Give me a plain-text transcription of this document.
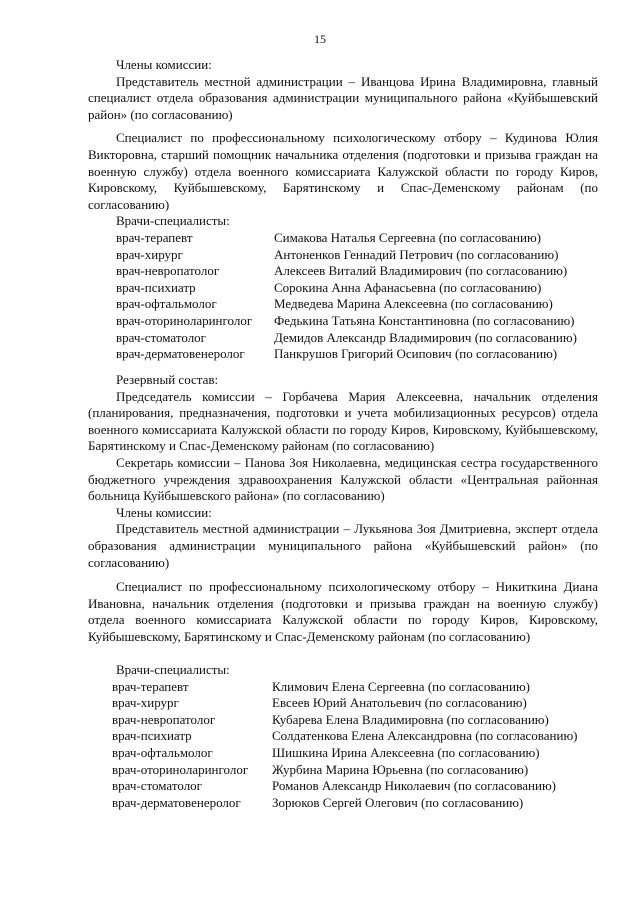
15
Члены комиссии:

Представитель местной администрации – Иванцова Ирина Владимировна, главный специалист отдела образования администрации муниципального района «Куйбышевский район» (по согласованию)

Специалист по профессиональному психологическому отбору – Кудинова Юлия Викторовна, старший помощник начальника отделения (подготовки и призыва граждан на военную службу) отдела военного комиссариата Калужской области по городу Киров, Кировскому, Куйбышевскому, Барятинскому и Спас-Деменскому районам (по согласованию)

Врачи-специалисты:
врач-терапевт	Симакова Наталья Сергеевна (по согласованию)
врач-хирург	Антоненков Геннадий Петрович (по согласованию)
врач-невропатолог	Алексеев Виталий Владимирович (по согласованию)
врач-психиатр	Сорокина Анна Афанасьевна (по согласованию)
врач-офтальмолог	Медведева Марина Алексеевна (по согласованию)
врач-оториноларинголог	Федькина Татьяна Константиновна (по согласованию)
врач-стоматолог	Демидов Александр Владимирович (по согласованию)
врач-дерматовенеролог	Панкрушов Григорий Осипович (по согласованию)
Резервный состав:

Председатель комиссии – Горбачева Мария Алексеевна, начальник отделения (планирования, предназначения, подготовки и учета мобилизационных ресурсов) отдела военного комиссариата Калужской области по городу Киров, Кировскому, Куйбышевскому, Барятинскому и Спас-Деменскому районам (по согласованию)

Секретарь комиссии – Панова Зоя Николаевна, медицинская сестра государственного бюджетного учреждения здравоохранения Калужской области «Центральная районная больница Куйбышевского района» (по согласованию)

Члены комиссии:

Представитель местной администрации – Лукьянова Зоя Дмитриевна, эксперт отдела образования администрации муниципального района «Куйбышевский район» (по согласованию)

Специалист по профессиональному психологическому отбору – Никиткина Диана Ивановна, начальник отделения (подготовки и призыва граждан на военную службу) отдела военного комиссариата Калужской области по городу Киров, Кировскому, Куйбышевскому, Барятинскому и Спас-Деменскому районам (по согласованию)

Врачи-специалисты:
врач-терапевт	Климович Елена Сергеевна (по согласованию)
врач-хирург	Евсеев Юрий Анатольевич (по согласованию)
врач-невропатолог	Кубарева Елена Владимировна (по согласованию)
врач-психиатр	Солдатенкова Елена Александровна (по согласованию)
врач-офтальмолог	Шишкина Ирина Алексеевна (по согласованию)
врач-оториноларинголог	Журбина Марина Юрьевна (по согласованию)
врач-стоматолог	Романов Александр Николаевич (по согласованию)
врач-дерматовенеролог	Зорюков Сергей Олегович (по согласованию)
